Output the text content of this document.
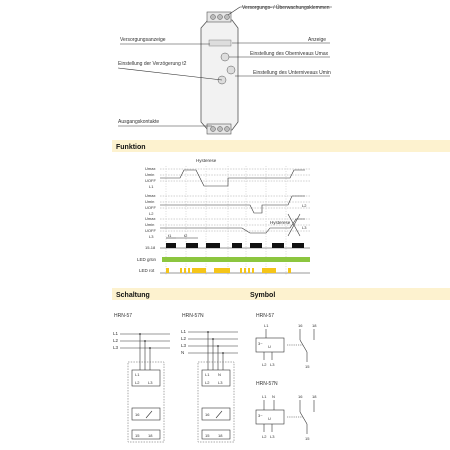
Versorgungs- / Überwachungsklemmen
Versorgungsanzeige	Anzeige
Einstellung der Verzögerung t2
Einstellung des Oberniveaus Umax
Einstellung des Unterniveaus Umin
Ausgangskontakte
Funktion
Hysterese
Hysterese
Umax
Umin
UOFF
L1
Umax
Umin
UOFF
L2
Umax
Umin
UOFF
L3
L2
L3
15-18
t1	t2
LED grün
LED rot
Schaltung	Symbol
HRN-57
L1
L2
L3
L1
L2 L3
16
15 18
HRN-57N
L1
L2
L3
N
L1 N
L2 L3
16
15 18
HRN-57
L1
3~
U
L2 L3
16 18
15
HRN-57N
L1 N
3~
U
L2 L3
16 18
15
